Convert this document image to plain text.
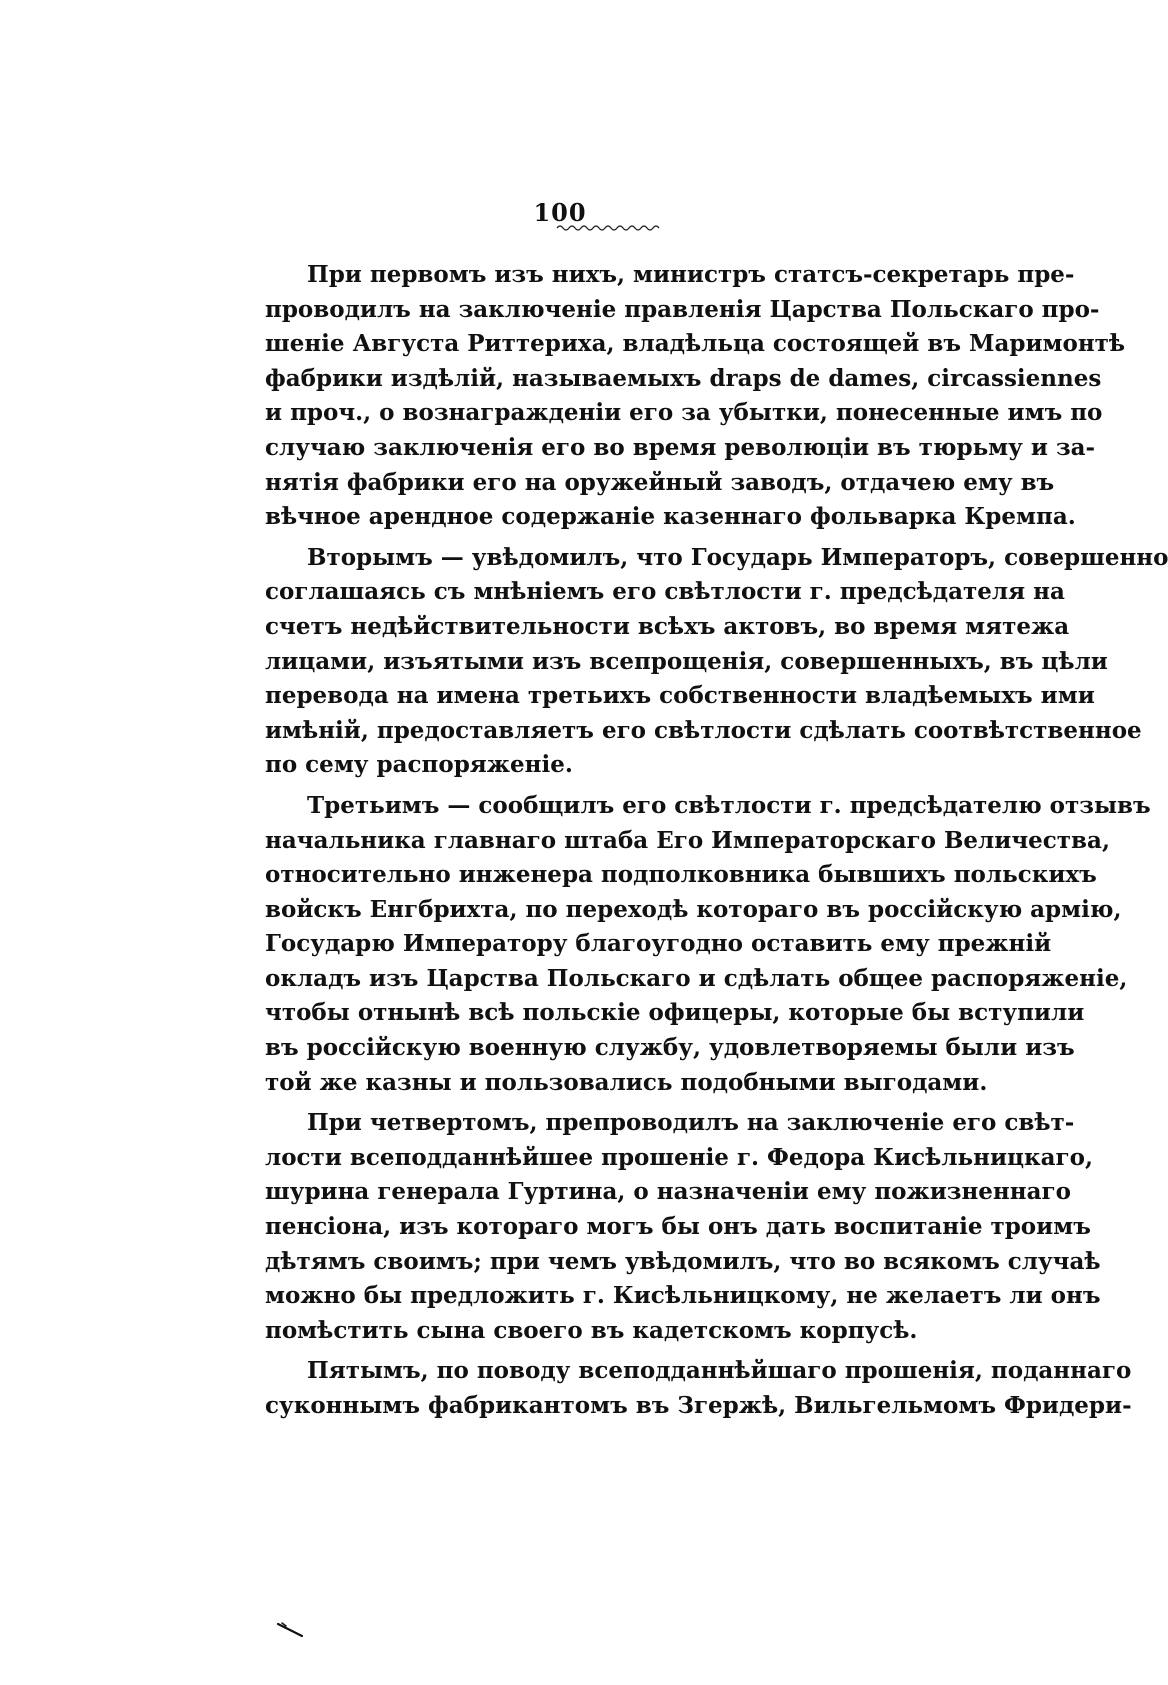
100
При первомъ изъ нихъ, министръ статсъ-секретарь пре-
проводилъ на заключеніе правленія Царства Польскаго про-
шеніе Августа Риттериха, владѣльца состоящей въ Маримонтѣ
фабрики издѣлій, называемыхъ draps de dames, circassiennes
и проч., о вознагражденіи его за убытки, понесенные имъ по
случаю заключенія его во время революціи въ тюрьму и за-
нятія фабрики его на оружейный заводъ, отдачею ему въ
вѣчное арендное содержаніе казеннаго фольварка Кремпа.
Вторымъ — увѣдомилъ, что Государь Императоръ, совершенно
соглашаясь съ мнѣніемъ его свѣтлости г. предсѣдателя на
счетъ недѣйствительности всѣхъ актовъ, во время мятежа
лицами, изъятыми изъ всепрощенія, совершенныхъ, въ цѣли
перевода на имена третьихъ собственности владѣемыхъ ими
имѣній, предоставляетъ его свѣтлости сдѣлать соотвѣтственное
по сему распоряженіе.
Третьимъ — сообщилъ его свѣтлости г. предсѣдателю отзывъ
начальника главнаго штаба Его Императорскаго Величества,
относительно инженера подполковника бывшихъ польскихъ
войскъ Енгбрихта, по переходѣ котораго въ россійскую армію,
Государю Императору благоугодно оставить ему прежній
окладъ изъ Царства Польскаго и сдѣлать общее распоряженіе,
чтобы отнынѣ всѣ польскіе офицеры, которые бы вступили
въ россійскую военную службу, удовлетворяемы были изъ
той же казны и пользовались подобными выгодами.
При четвертомъ, препроводилъ на заключеніе его свѣт-
лости всеподданнѣйшее прошеніе г. Федора Кисѣльницкаго,
шурина генерала Гуртина, о назначеніи ему пожизненнаго
пенсіона, изъ котораго могъ бы онъ дать воспитаніе троимъ
дѣтямъ своимъ; при чемъ увѣдомилъ, что во всякомъ случаѣ
можно бы предложить г. Кисѣльницкому, не желаетъ ли онъ
помѣстить сына своего въ кадетскомъ корпусѣ.
Пятымъ, по поводу всеподданнѣйшаго прошенія, поданнаго
суконнымъ фабрикантомъ въ Згержѣ, Вильгельмомъ Фридери-
